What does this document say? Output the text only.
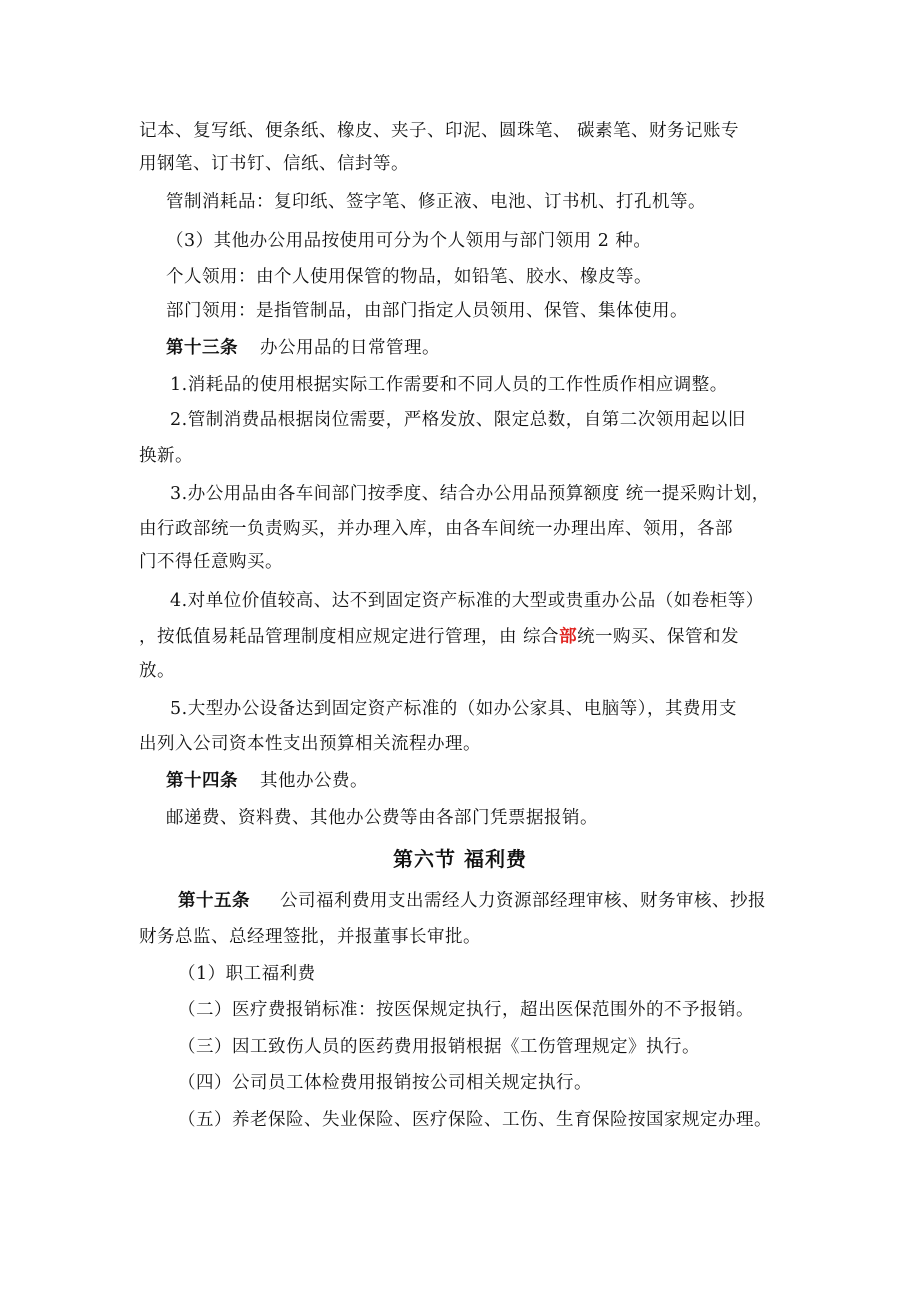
记本、复写纸、便条纸、橡皮、夹子、印泥、圆珠笔、 碳素笔、财务记账专
用钢笔、订书钉、信纸、信封等。
管制消耗品：复印纸、签字笔、修正液、电池、订书机、打孔机等。
（3）其他办公用品按使用可分为个人领用与部门领用 2 种。
个人领用：由个人使用保管的物品，如铅笔、胶水、橡皮等。
部门领用：是指管制品，由部门指定人员领用、保管、集体使用。
第十三条 办公用品的日常管理。
1.消耗品的使用根据实际工作需要和不同人员的工作性质作相应调整。
2.管制消费品根据岗位需要，严格发放、限定总数，自第二次领用起以旧
换新。
3.办公用品由各车间部门按季度、结合办公用品预算额度 统一提采购计划，
由行政部统一负责购买，并办理入库，由各车间统一办理出库、领用，各部
门不得任意购买。
4.对单位价值较高、达不到固定资产标准的大型或贵重办公品（如卷柜等）
，按低值易耗品管理制度相应规定进行管理，由 综合部统一购买、保管和发
放。
5.大型办公设备达到固定资产标准的（如办公家具、电脑等），其费用支
出列入公司资本性支出预算相关流程办理。
第十四条 其他办公费。
邮递费、资料费、其他办公费等由各部门凭票据报销。
第六节 福利费
第十五条 公司福利费用支出需经人力资源部经理审核、财务审核、抄报
财务总监、总经理签批，并报董事长审批。
（1）职工福利费
（二）医疗费报销标准：按医保规定执行，超出医保范围外的不予报销。
（三）因工致伤人员的医药费用报销根据《工伤管理规定》执行。
（四）公司员工体检费用报销按公司相关规定执行。
（五）养老保险、失业保险、医疗保险、工伤、生育保险按国家规定办理。
